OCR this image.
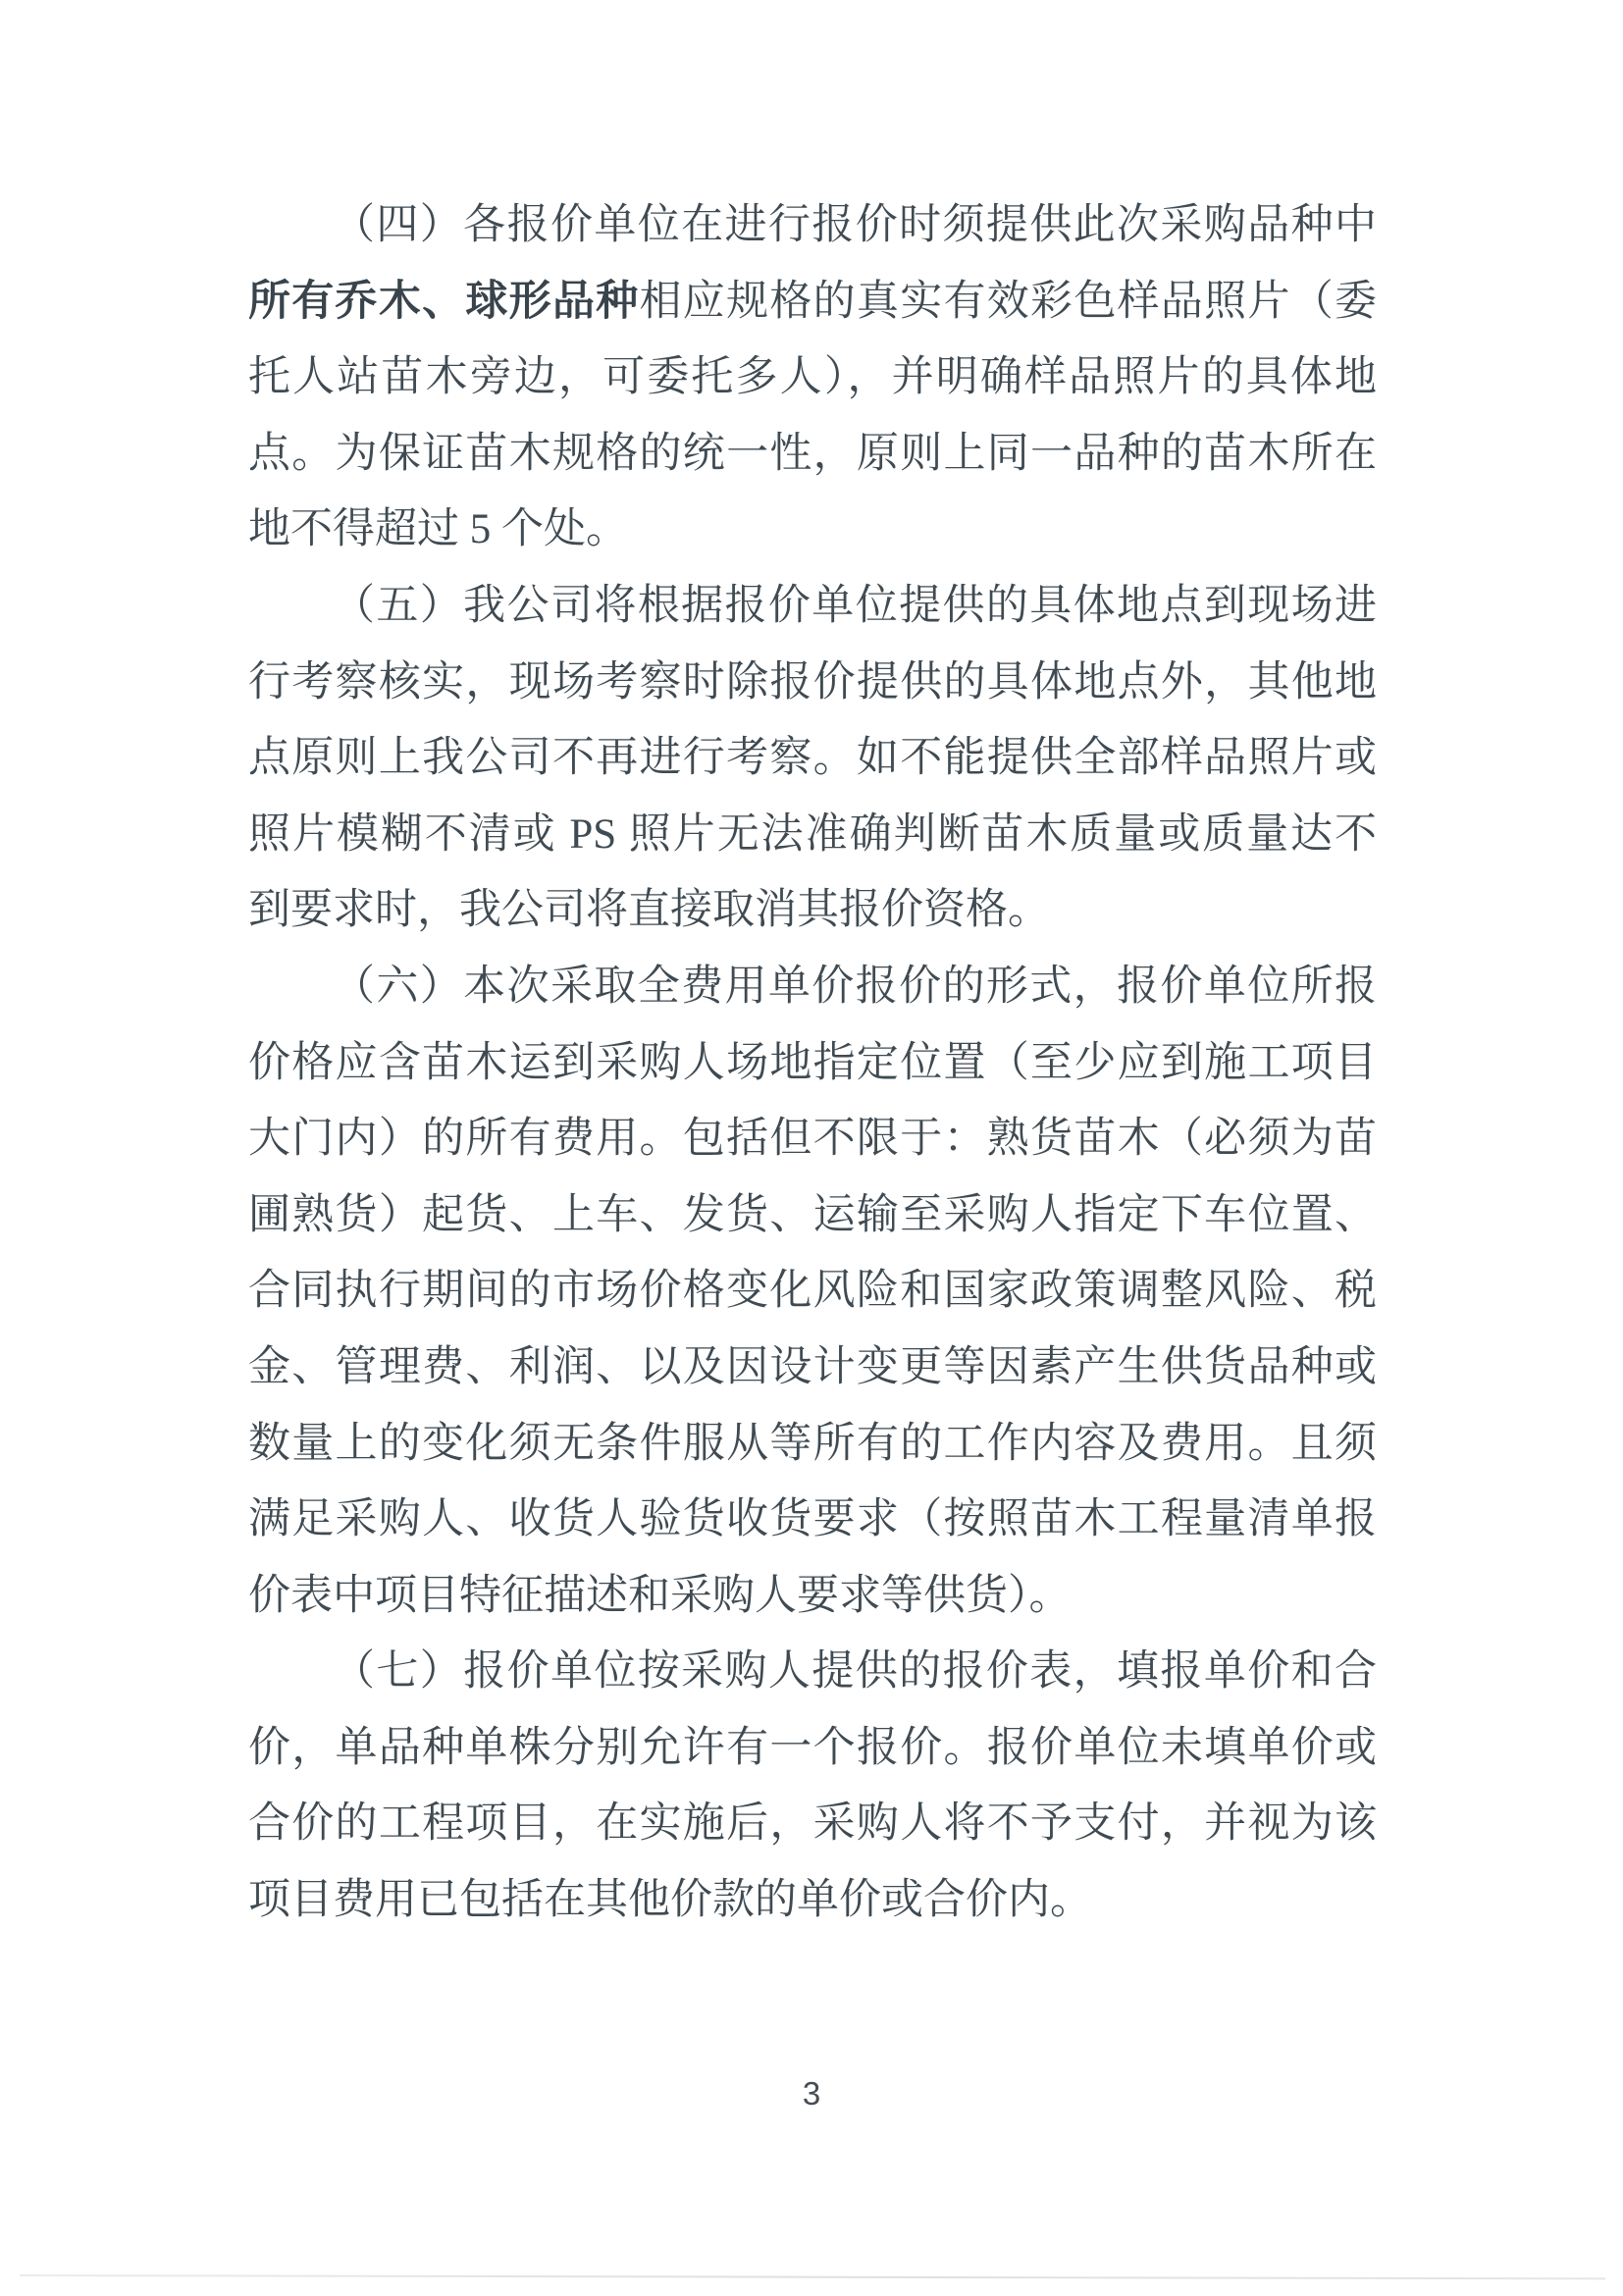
（四）各报价单位在进行报价时须提供此次采购品种中
所有乔木、球形品种相应规格的真实有效彩色样品照片（委
托人站苗木旁边，可委托多人），并明确样品照片的具体地
点。为保证苗木规格的统一性，原则上同一品种的苗木所在
地不得超过 5 个处。
（五）我公司将根据报价单位提供的具体地点到现场进
行考察核实，现场考察时除报价提供的具体地点外，其他地
点原则上我公司不再进行考察。如不能提供全部样品照片或
照片模糊不清或 PS 照片无法准确判断苗木质量或质量达不
到要求时，我公司将直接取消其报价资格。
（六）本次采取全费用单价报价的形式，报价单位所报
价格应含苗木运到采购人场地指定位置（至少应到施工项目
大门内）的所有费用。包括但不限于：熟货苗木（必须为苗
圃熟货）起货、上车、发货、运输至采购人指定下车位置、
合同执行期间的市场价格变化风险和国家政策调整风险、税
金、管理费、利润、以及因设计变更等因素产生供货品种或
数量上的变化须无条件服从等所有的工作内容及费用。且须
满足采购人、收货人验货收货要求（按照苗木工程量清单报
价表中项目特征描述和采购人要求等供货）。
（七）报价单位按采购人提供的报价表，填报单价和合
价，单品种单株分别允许有一个报价。报价单位未填单价或
合价的工程项目，在实施后，采购人将不予支付，并视为该
项目费用已包括在其他价款的单价或合价内。
3
